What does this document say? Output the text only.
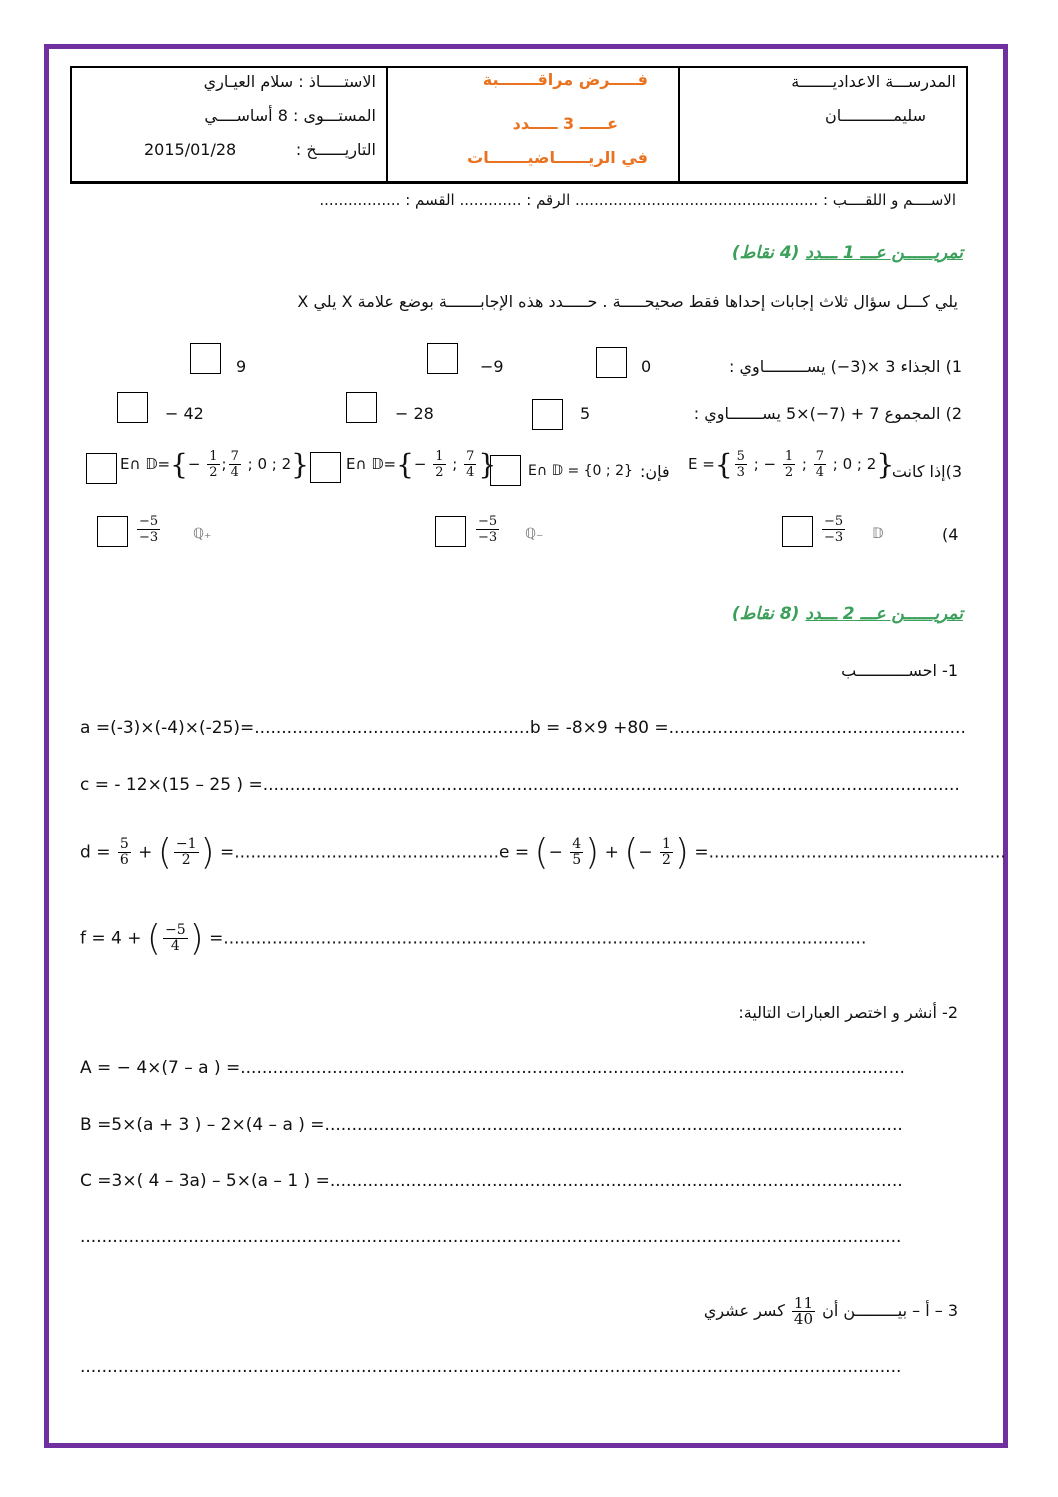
الاستـــــاذ : سلام العيـاري
المستـــوى : 8 أساســــي
التاريــــــخ :
2015/01/28
فـــــرض مراقـــــــبة
عـــــ 3 ـــــدد
في الريــــــاضيـــــــات
المدرســـة الاعداديـــــــة
سليمـــــــــــان
الاســــم و اللقــــب : ................................................... الرقم : ............. القسم : .................
تمريــــــن عـــ 1 ـــدد (4 نقاط)
يلي كـــل سؤال ثلاث إجابات إحداها فقط صحيحـــــة . حـــــدد هذه الإجابـــــــة بوضع علامة X يلي X
1) الجذاء 3 ×(3−) يســـــــــاوي :
0
−9
9
2) المجموع 7 + (7−)×5 يســـــــاوي :
5
− 28
− 42
3)إذا كانت
E ={ $\frac{5}{3}$ ; − $\frac{1}{2}$ ; $\frac{7}{4}$ ; 0 ; 2}
فإن:
E∩ 𝔻 = {0 ; 2}
E∩ 𝔻={− $\frac{1}{2}$ ; $\frac{7}{4}$ }
E∩ 𝔻={− $\frac{1}{2}$ ; $\frac{7}{4}$ ; 0 ; 2}
(4
𝔻
$\frac{-5}{-3}$
ℚ₋
$\frac{-5}{-3}$
ℚ₊
$\frac{-5}{-3}$
تمريــــــن عـــ 2 ـــدد (8 نقاط)
1- احســـــــــــب
a =(-3)×(-4)×(-25)=...................................................b = -8×9 +80 =.......................................................
c = - 12×(15 – 25 ) =.................................................................................................................................
$d = \frac{5}{6}$ + ( $\frac{-1}{2}$ ) =.................................................e = (− $\frac{4}{5}$ ) + (− $\frac{1}{2}$ ) =.......................................................
f = 4 + ( $\frac{-5}{4}$ ) =.......................................................................................................................
2- أنشر و اختصر العبارات التالية:
A = − 4×(7 – a ) =...........................................................................................................................
B =5×(a + 3 ) – 2×(4 – a ) =...........................................................................................................
C =3×( 4 – 3a) – 5×(a – 1 ) =..........................................................................................................
........................................................................................................................................................
3 – أ – بيـــــــــن أن
$\frac{11}{40}$
كسر عشري
........................................................................................................................................................
